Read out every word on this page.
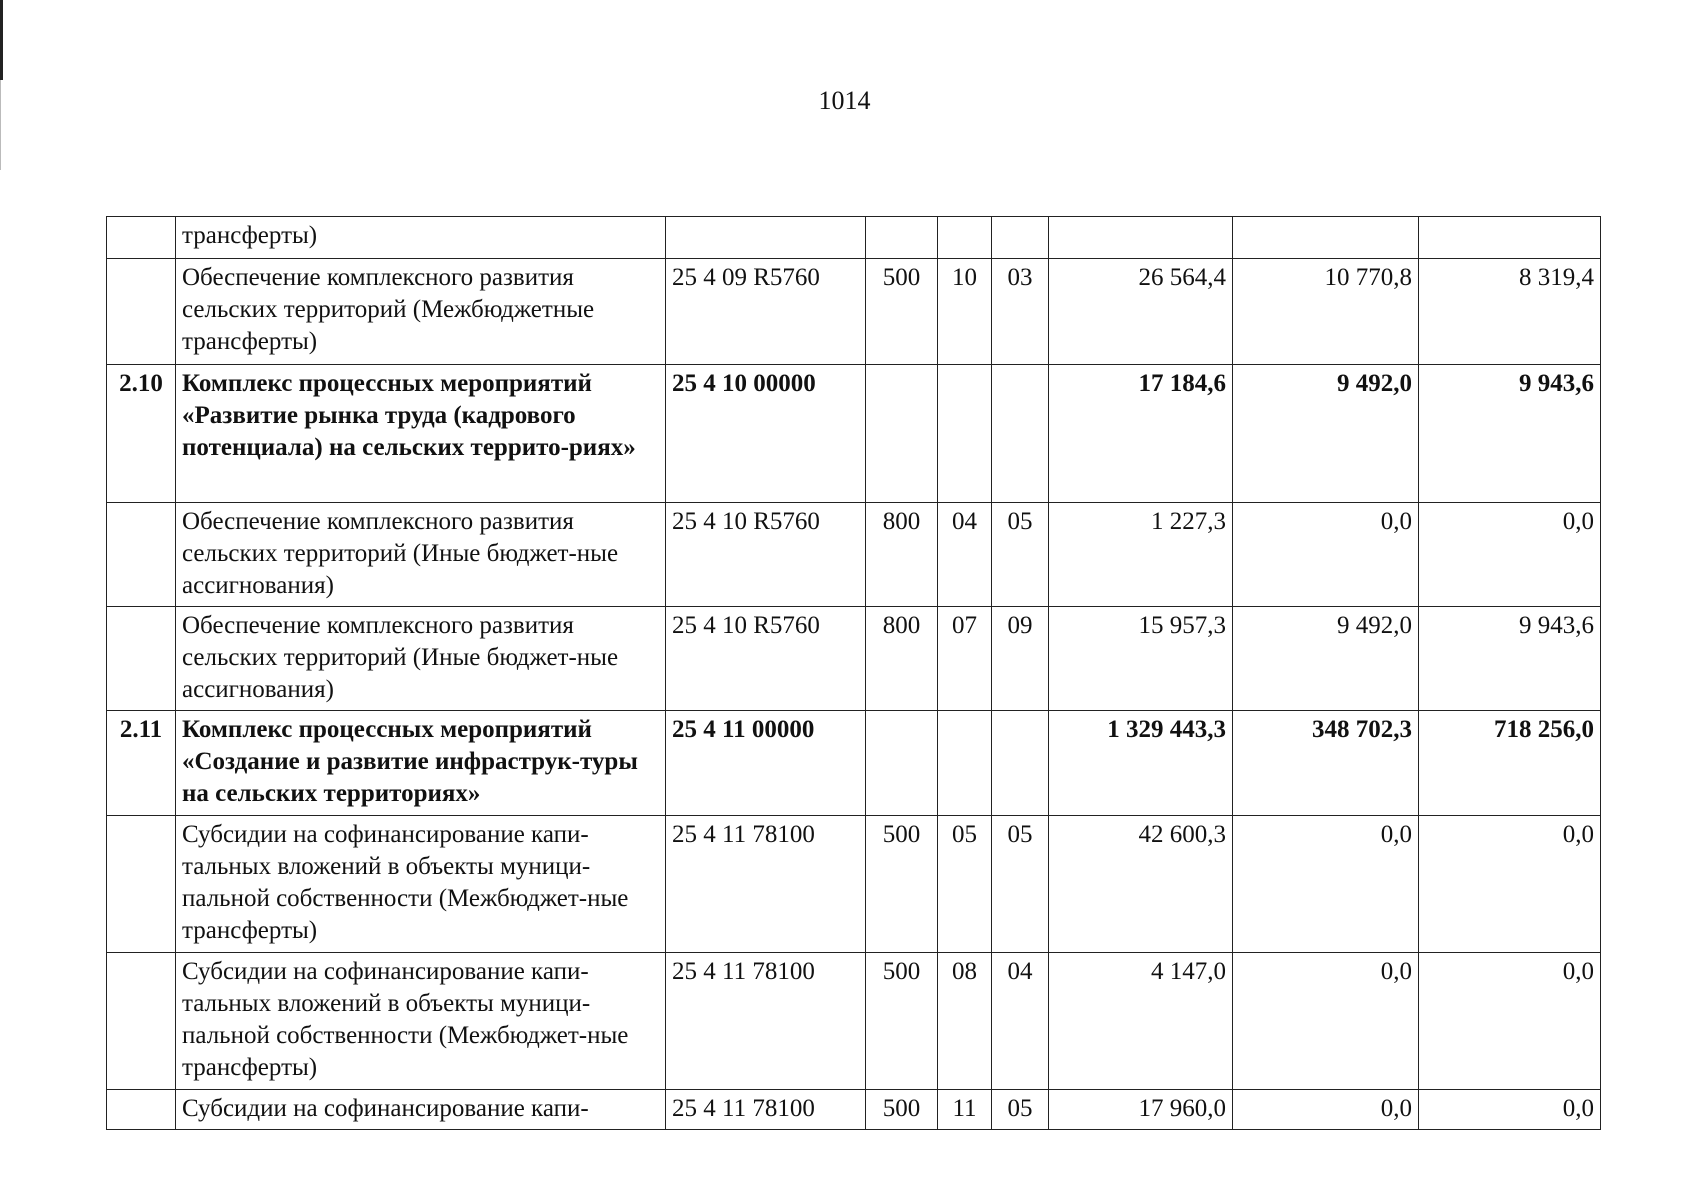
1014
	трансферты)							
	Обеспечение комплексного развития сельских территорий (Межбюджетные трансферты)	25 4 09 R5760	500	10	03	26 564,4	10 770,8	8 319,4
2.10	Комплекс процессных мероприятий «Развитие рынка труда (кадрового потенциала) на сельских террито-риях»	25 4 10 00000				17 184,6	9 492,0	9 943,6
	Обеспечение комплексного развития сельских территорий (Иные бюджет-ные ассигнования)	25 4 10 R5760	800	04	05	1 227,3	0,0	0,0
	Обеспечение комплексного развития сельских территорий (Иные бюджет-ные ассигнования)	25 4 10 R5760	800	07	09	15 957,3	9 492,0	9 943,6
2.11	Комплекс процессных мероприятий «Создание и развитие инфраструк-туры на сельских территориях»	25 4 11 00000				1 329 443,3	348 702,3	718 256,0
	Субсидии на софинансирование капи-тальных вложений в объекты муници-пальной собственности (Межбюджет-ные трансферты)	25 4 11 78100	500	05	05	42 600,3	0,0	0,0
	Субсидии на софинансирование капи-тальных вложений в объекты муници-пальной собственности (Межбюджет-ные трансферты)	25 4 11 78100	500	08	04	4 147,0	0,0	0,0
	Субсидии на софинансирование капи-	25 4 11 78100	500	11	05	17 960,0	0,0	0,0
